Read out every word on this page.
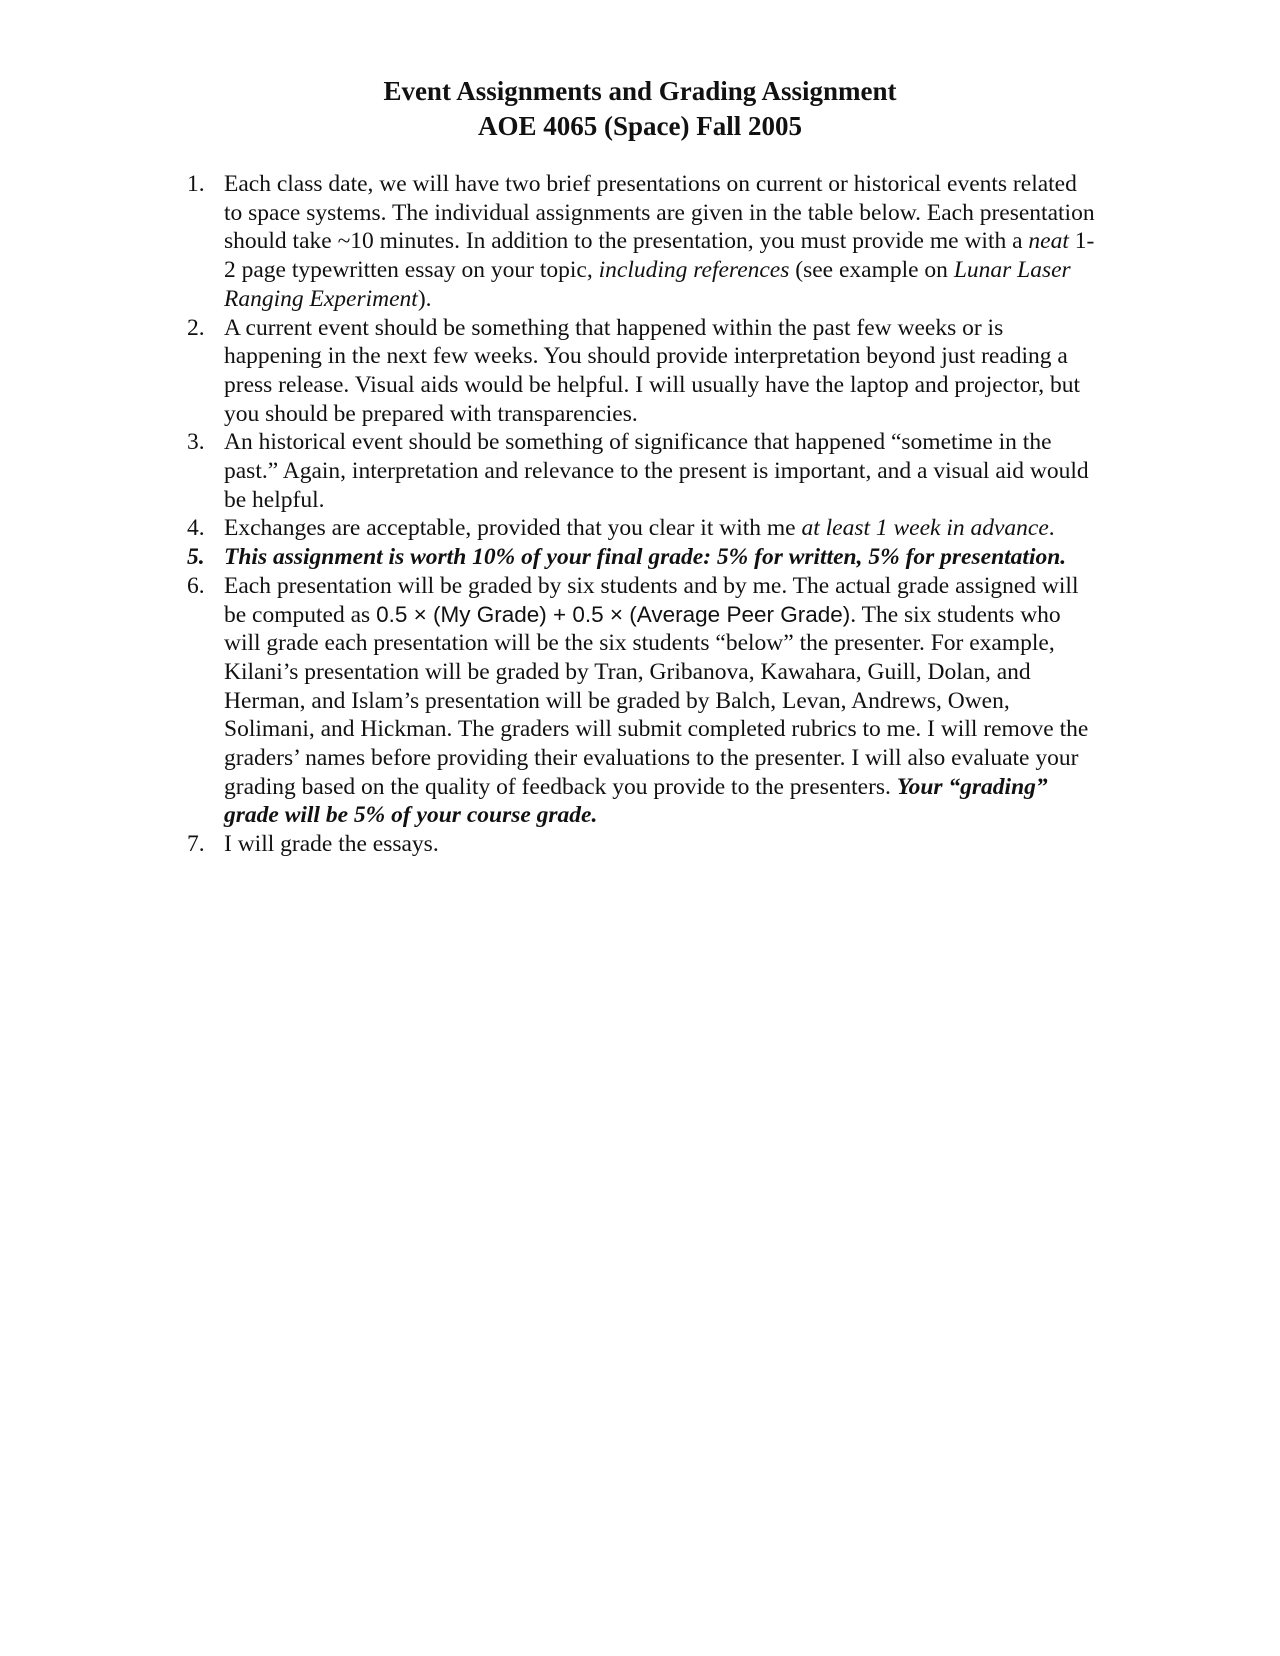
Event Assignments and Grading Assignment
AOE 4065 (Space) Fall 2005
1. Each class date, we will have two brief presentations on current or historical events related to space systems. The individual assignments are given in the table below. Each presentation should take ~10 minutes. In addition to the presentation, you must provide me with a neat 1-2 page typewritten essay on your topic, including references (see example on Lunar Laser Ranging Experiment).
2. A current event should be something that happened within the past few weeks or is happening in the next few weeks. You should provide interpretation beyond just reading a press release. Visual aids would be helpful. I will usually have the laptop and projector, but you should be prepared with transparencies.
3. An historical event should be something of significance that happened “sometime in the past.” Again, interpretation and relevance to the present is important, and a visual aid would be helpful.
4. Exchanges are acceptable, provided that you clear it with me at least 1 week in advance.
5. This assignment is worth 10% of your final grade: 5% for written, 5% for presentation.
6. Each presentation will be graded by six students and by me. The actual grade assigned will be computed as 0.5 × (My Grade) + 0.5 × (Average Peer Grade). The six students who will grade each presentation will be the six students “below” the presenter. For example, Kilani’s presentation will be graded by Tran, Gribanova, Kawahara, Guill, Dolan, and Herman, and Islam’s presentation will be graded by Balch, Levan, Andrews, Owen, Solimani, and Hickman. The graders will submit completed rubrics to me. I will remove the graders’ names before providing their evaluations to the presenter. I will also evaluate your grading based on the quality of feedback you provide to the presenters. Your “grading” grade will be 5% of your course grade.
7. I will grade the essays.
